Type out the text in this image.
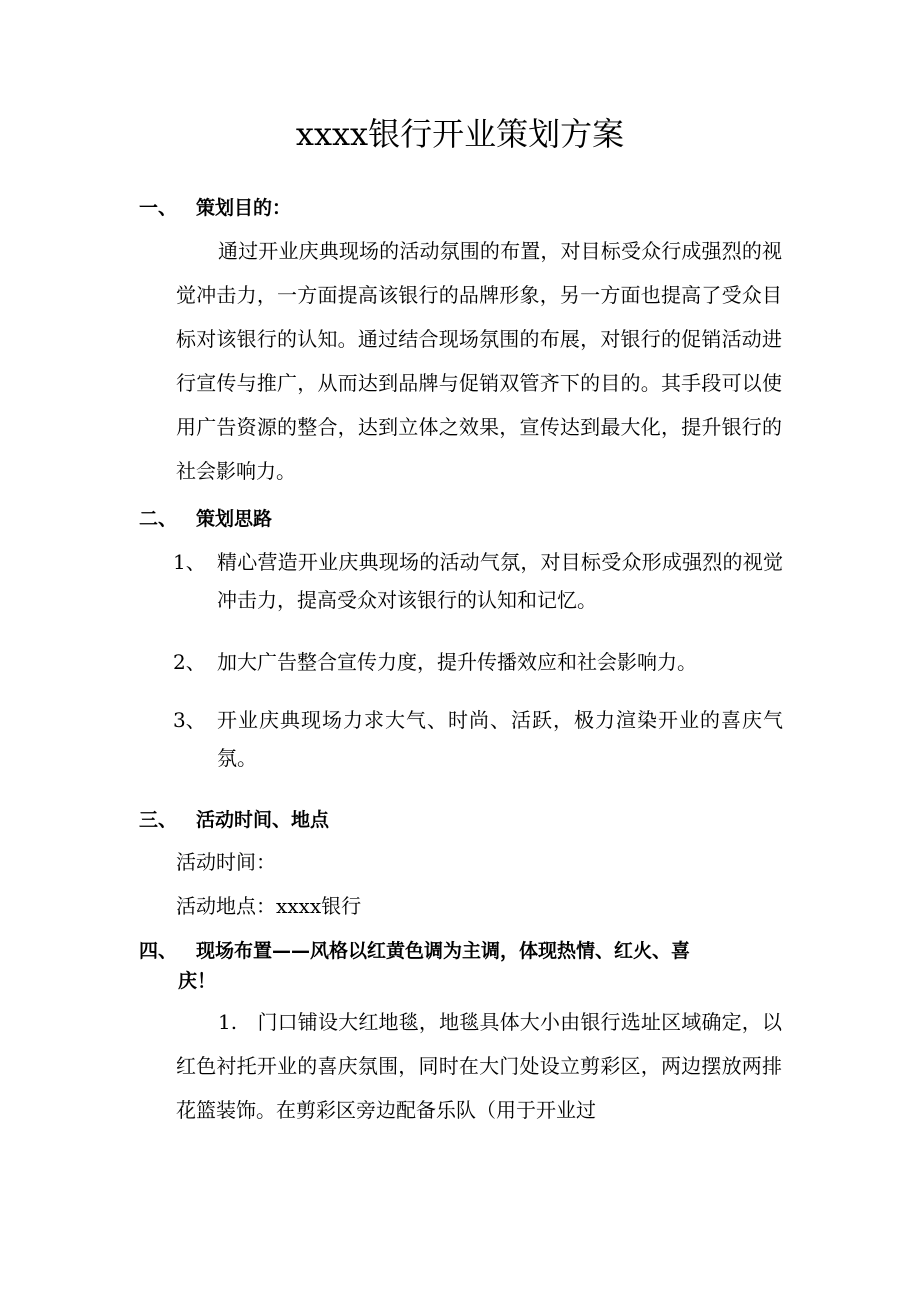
xxxx银行开业策划方案
一、 策划目的：
通过开业庆典现场的活动氛围的布置，对目标受众行成强烈的视觉冲击力，一方面提高该银行的品牌形象，另一方面也提高了受众目标对该银行的认知。通过结合现场氛围的布展，对银行的促销活动进行宣传与推广，从而达到品牌与促销双管齐下的目的。其手段可以使用广告资源的整合，达到立体之效果，宣传达到最大化，提升银行的社会影响力。
二、 策划思路
1、 精心营造开业庆典现场的活动气氛，对目标受众形成强烈的视觉冲击力，提高受众对该银行的认知和记忆。
2、 加大广告整合宣传力度，提升传播效应和社会影响力。
3、 开业庆典现场力求大气、时尚、活跃，极力渲染开业的喜庆气氛。
三、 活动时间、地点
活动时间：
活动地点：xxxx银行
四、 现场布置——风格以红黄色调为主调，体现热情、红火、喜
庆！
1.　门口铺设大红地毯，地毯具体大小由银行选址区域确定，以红色衬托开业的喜庆氛围，同时在大门处设立剪彩区，两边摆放两排花篮装饰。在剪彩区旁边配备乐队（用于开业过
